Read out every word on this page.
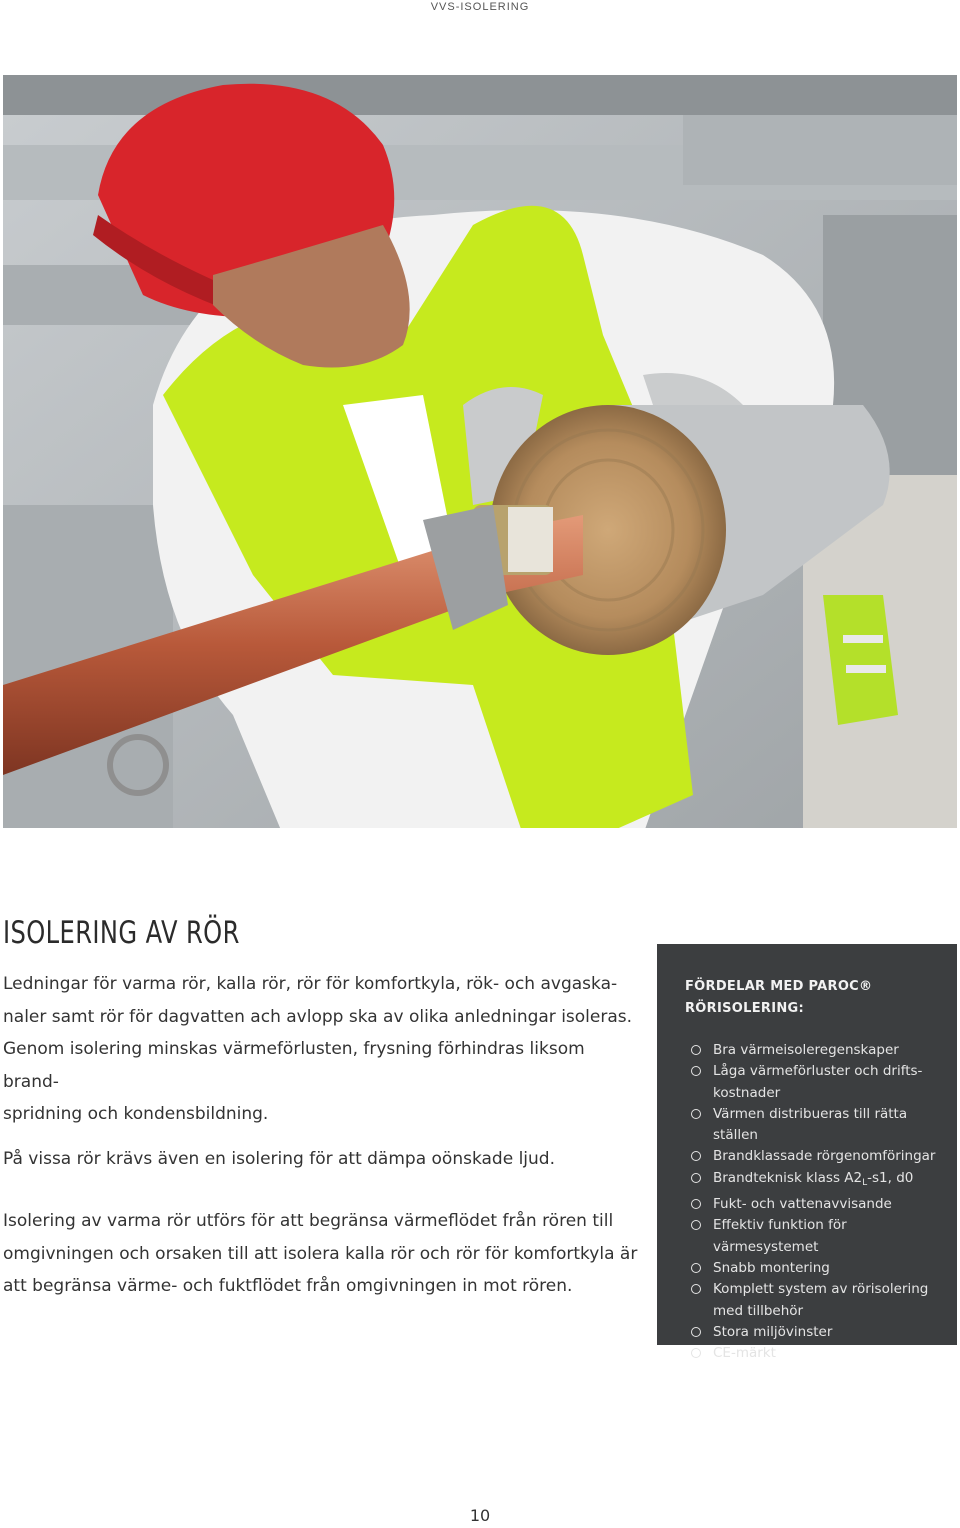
VVS-ISOLERING
ISOLERING AV RÖR

Ledningar för varma rör, kalla rör, rör för komfortkyla, rök- och avgaska-
naler samt rör för dagvatten ach avlopp ska av olika anledningar isoleras.
Genom isolering minskas värmeförlusten, frysning förhindras liksom brand-
spridning och kondensbildning.

På vissa rör krävs även en isolering för att dämpa oönskade ljud.

Isolering av varma rör utförs för att begränsa värmeflödet från rören till
omgivningen och orsaken till att isolera kalla rör och rör för komfortkyla är
att begränsa värme- och fuktflödet från omgivningen in mot rören.

FÖRDELAR MED PAROC®
RÖRISOLERING:
Bra värmeisoleregenskaper
Låga värmeförluster och drifts-
kostnader
Värmen distribueras till rätta ställen
Brandklassade rörgenomföringar
Brandteknisk klass $A2_L-s1$, d0
Fukt- och vattenavvisande
Effektiv funktion för värmesystemet
Snabb montering
Komplett system av rörisolering
med tillbehör
Stora miljövinster
CE-märkt
10
